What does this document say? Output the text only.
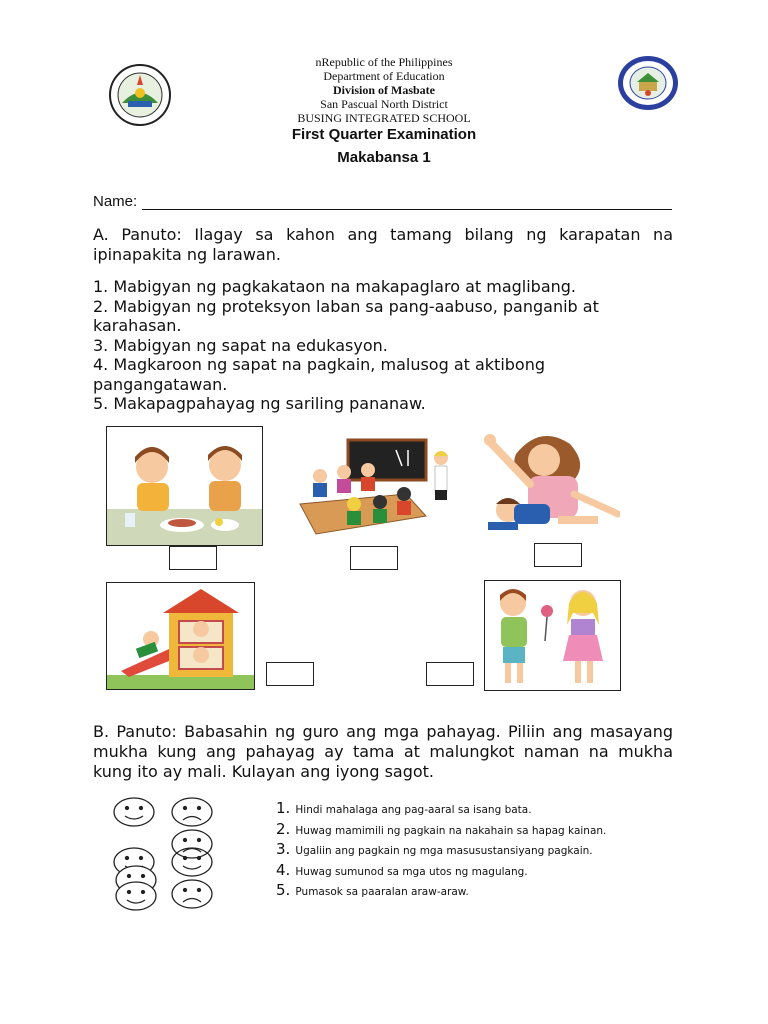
nRepublic of the Philippines
Department of Education
Division of Masbate
San Pascual North District
BUSING INTEGRATED SCHOOL
First Quarter Examination
Makabansa 1
Name:
A. Panuto: Ilagay sa kahon ang tamang bilang ng karapatan na ipinapakita ng larawan.
1. Mabigyan ng pagkakataon na makapaglaro at maglibang.
2. Mabigyan ng proteksyon laban sa pang-aabuso, panganib at karahasan.
3. Mabigyan ng sapat na edukasyon.
4. Magkaroon ng sapat na pagkain, malusog at aktibong pangangatawan.
5. Makapagpahayag ng sariling pananaw.
B. Panuto: Babasahin ng guro ang mga pahayag. Piliin ang masayang mukha kung ang pahayag ay tama at malungkot naman na mukha kung ito ay mali. Kulayan ang iyong sagot.
1. Hindi mahalaga ang pag-aaral sa isang bata.
2. Huwag mamimili ng pagkain na nakahain sa hapag kainan.
3. Ugaliin ang pagkain ng mga masusustansiyang pagkain.
4. Huwag sumunod sa mga utos ng magulang.
5. Pumasok sa paaralan araw-araw.
